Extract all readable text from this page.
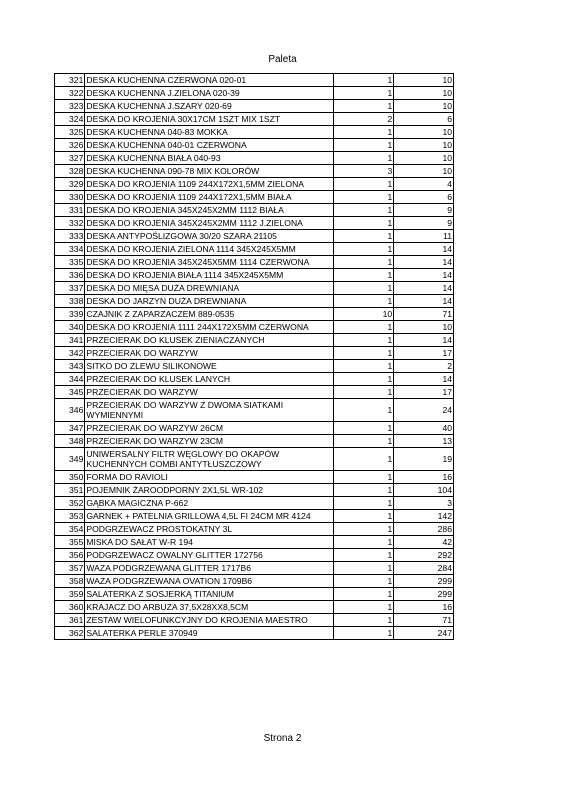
Paleta
321	DESKA KUCHENNA CZERWONA 020-01	1	10
322	DESKA KUCHENNA J.ZIELONA 020-39	1	10
323	DESKA KUCHENNA J.SZARY 020-69	1	10
324	DESKA DO KROJENIA 30X17CM 1SZT MIX 1SZT	2	6
325	DESKA KUCHENNA 040-83 MOKKA	1	10
326	DESKA KUCHENNA 040-01 CZERWONA	1	10
327	DESKA KUCHENNA BIAŁA 040-93	1	10
328	DESKA KUCHENNA 090-78 MIX KOLORÓW	3	10
329	DESKA DO KROJENIA 1109 244X172X1,5MM ZIELONA	1	4
330	DESKA DO KROJENIA 1109 244X172X1,5MM BIAŁA	1	6
331	DESKA DO KROJENIA 345X245X2MM 1112 BIAŁA	1	9
332	DESKA DO KROJENIA 345X245X2MM 1112 J.ZIELONA	1	9
333	DESKA ANTYPOŚLIZGOWA 30/20 SZARA 21105	1	11
334	DESKA DO KROJENIA ZIELONA 1114 345X245X5MM	1	14
335	DESKA DO KROJENIA 345X245X5MM 1114 CZERWONA	1	14
336	DESKA DO KROJENIA BIAŁA 1114 345X245X5MM	1	14
337	DESKA DO MIĘSA DUŻA DREWNIANA	1	14
338	DESKA DO JARZYN DUŻA DREWNIANA	1	14
339	CZAJNIK Z ZAPARZACZEM 889-0535	10	71
340	DESKA DO KROJENIA 1111 244X172X5MM CZERWONA	1	10
341	PRZECIERAK DO KLUSEK ZIENIACZANYCH	1	14
342	PRZECIERAK DO WARZYW	1	17
343	SITKO DO ZLEWU SILIKONOWE	1	2
344	PRZECIERAK DO KLUSEK LANYCH	1	14
345	PRZECIERAK DO WARZYW	1	17
346	PRZECIERAK DO WARZYW Z DWOMA SIATKAMI WYMIENNYMI	1	24
347	PRZECIERAK DO WARZYW 26CM	1	40
348	PRZECIERAK DO WARZYW 23CM	1	13
349	UNIWERSALNY FILTR WĘGLOWY DO OKAPÓW KUCHENNYCH COMBI ANTYTŁUSZCZOWY	1	19
350	FORMA DO RAVIOLI	1	16
351	POJEMNIK ŻAROODPORNY 2X1,5L WR-102	1	104
352	GĄBKA MAGICZNA P-662	1	3
353	GARNEK + PATELNIA GRILLOWA 4,5L FI 24CM MR 4124	1	142
354	PODGRZEWACZ PROSTOKATNY 3L	1	286
355	MISKA DO SAŁAT W-R 194	1	42
356	PODGRZEWACZ OWALNY GLITTER 172756	1	292
357	WAZA PODGRZEWANA GLITTER 1717B6	1	284
358	WAZA PODGRZEWANA OVATION 1709B6	1	299
359	SALATERKA Z SOSJERKĄ TITANIUM	1	299
360	KRAJACZ DO ARBUZA 37,5X28XX8,5CM	1	16
361	ZESTAW WIELOFUNKCYJNY DO KROJENIA MAESTRO	1	71
362	SALATERKA PERLE 370949	1	247
Strona 2
